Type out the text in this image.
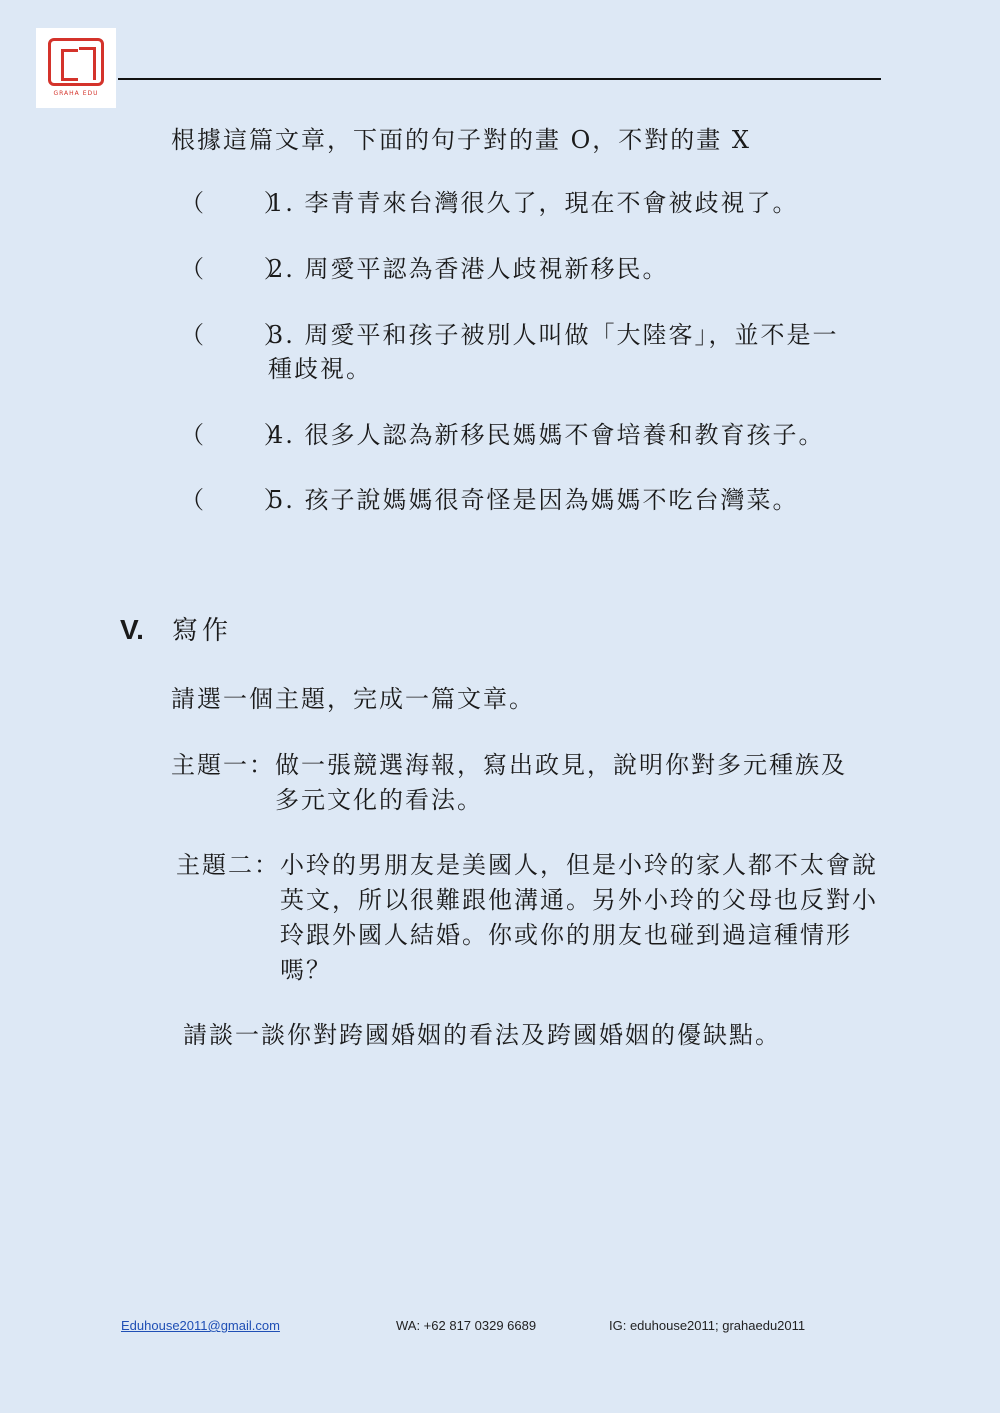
GRAHA EDU
根據這篇文章，下面的句子對的畫 O，不對的畫 X
（      ）
1. 李青青來台灣很久了，現在不會被歧視了。
（      ）
2. 周愛平認為香港人歧視新移民。
（      ）
3. 周愛平和孩子被別人叫做「大陸客」，並不是一種歧視。
（      ）
4. 很多人認為新移民媽媽不會培養和教育孩子。
（      ）
5. 孩子說媽媽很奇怪是因為媽媽不吃台灣菜。
V.	寫作
請選一個主題，完成一篇文章。
主題一： 做一張競選海報，寫出政見，說明你對多元種族及多元文化的看法。
主題二： 小玲的男朋友是美國人，但是小玲的家人都不太會說英文，所以很難跟他溝通。另外小玲的父母也反對小玲跟外國人結婚。你或你的朋友也碰到過這種情形嗎？
請談一談你對跨國婚姻的看法及跨國婚姻的優缺點。
Eduhouse2011@gmail.com	WA: +62 817 0329 6689	IG: eduhouse2011; grahaedu2011
